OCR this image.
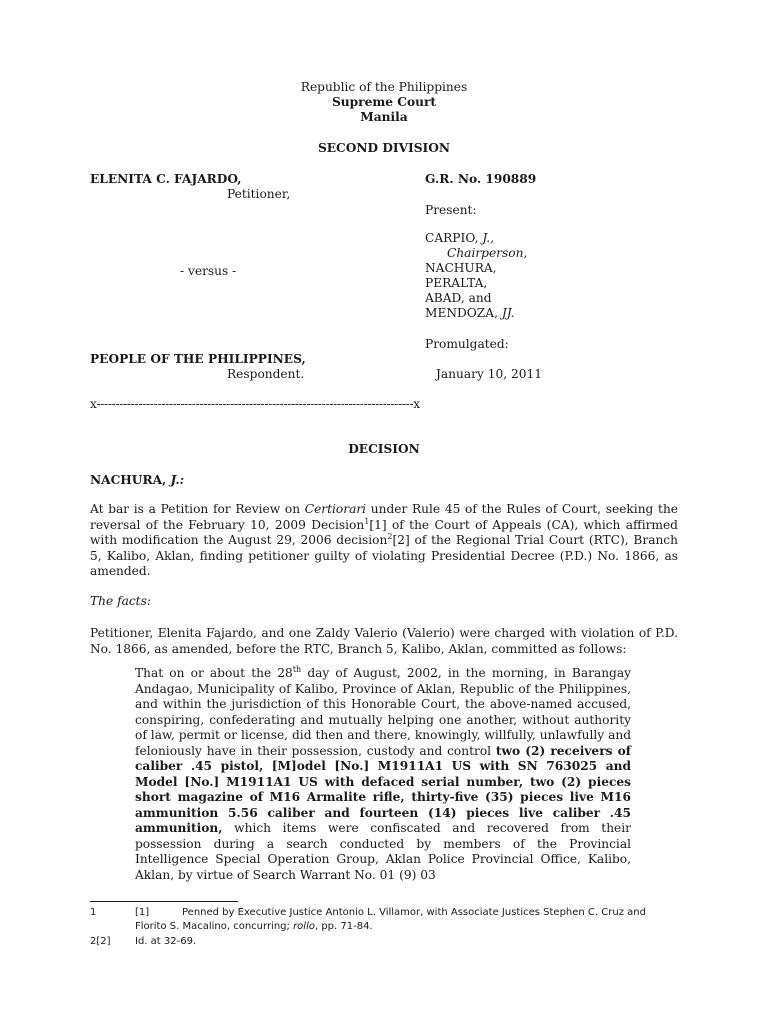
Republic of the Philippines
Supreme Court
Manila
SECOND DIVISION
ELENITA C. FAJARDO,
Petitioner,
- versus -
PEOPLE OF THE PHILIPPINES,
Respondent.
G.R. No. 190889
Present:
CARPIO, J.,
Chairperson,
NACHURA,
PERALTA,
ABAD, and
MENDOZA, JJ.
Promulgated:
January 10, 2011
x-----------------------------------------------------------------------------------x
DECISION
NACHURA, J.:
At bar is a Petition for Review on Certiorari under Rule 45 of the Rules of Court, seeking the reversal of the February 10, 2009 Decision$^1$[1] of the Court of Appeals (CA), which affirmed with modification the August 29, 2006 decision$^2$[2] of the Regional Trial Court (RTC), Branch 5, Kalibo, Aklan, finding petitioner guilty of violating Presidential Decree (P.D.) No. 1866, as amended.
The facts:
Petitioner, Elenita Fajardo, and one Zaldy Valerio (Valerio) were charged with violation of P.D. No. 1866, as amended, before the RTC, Branch 5, Kalibo, Aklan, committed as follows:
That on or about the 28th day of August, 2002, in the morning, in Barangay Andagao, Municipality of Kalibo, Province of Aklan, Republic of the Philippines, and within the jurisdiction of this Honorable Court, the above-named accused, conspiring, confederating and mutually helping one another, without authority of law, permit or license, did then and there, knowingly, willfully, unlawfully and feloniously have in their possession, custody and control two (2) receivers of caliber .45 pistol, [M]odel [No.] M1911A1 US with SN 763025 and Model [No.] M1911A1 US with defaced serial number, two (2) pieces short magazine of M16 Armalite rifle, thirty-five (35) pieces live M16 ammunition 5.56 caliber and fourteen (14) pieces live caliber .45 ammunition, which items were confiscated and recovered from their possession during a search conducted by members of the Provincial Intelligence Special Operation Group, Aklan Police Provincial Office, Kalibo, Aklan, by virtue of Search Warrant No. 01 (9) 03
1	[1]	Penned by Executive Justice Antonio L. Villamor, with Associate Justices Stephen C. Cruz and
Florito S. Macalino, concurring; rollo, pp. 71-84.
2[2] Id. at 32-69.
